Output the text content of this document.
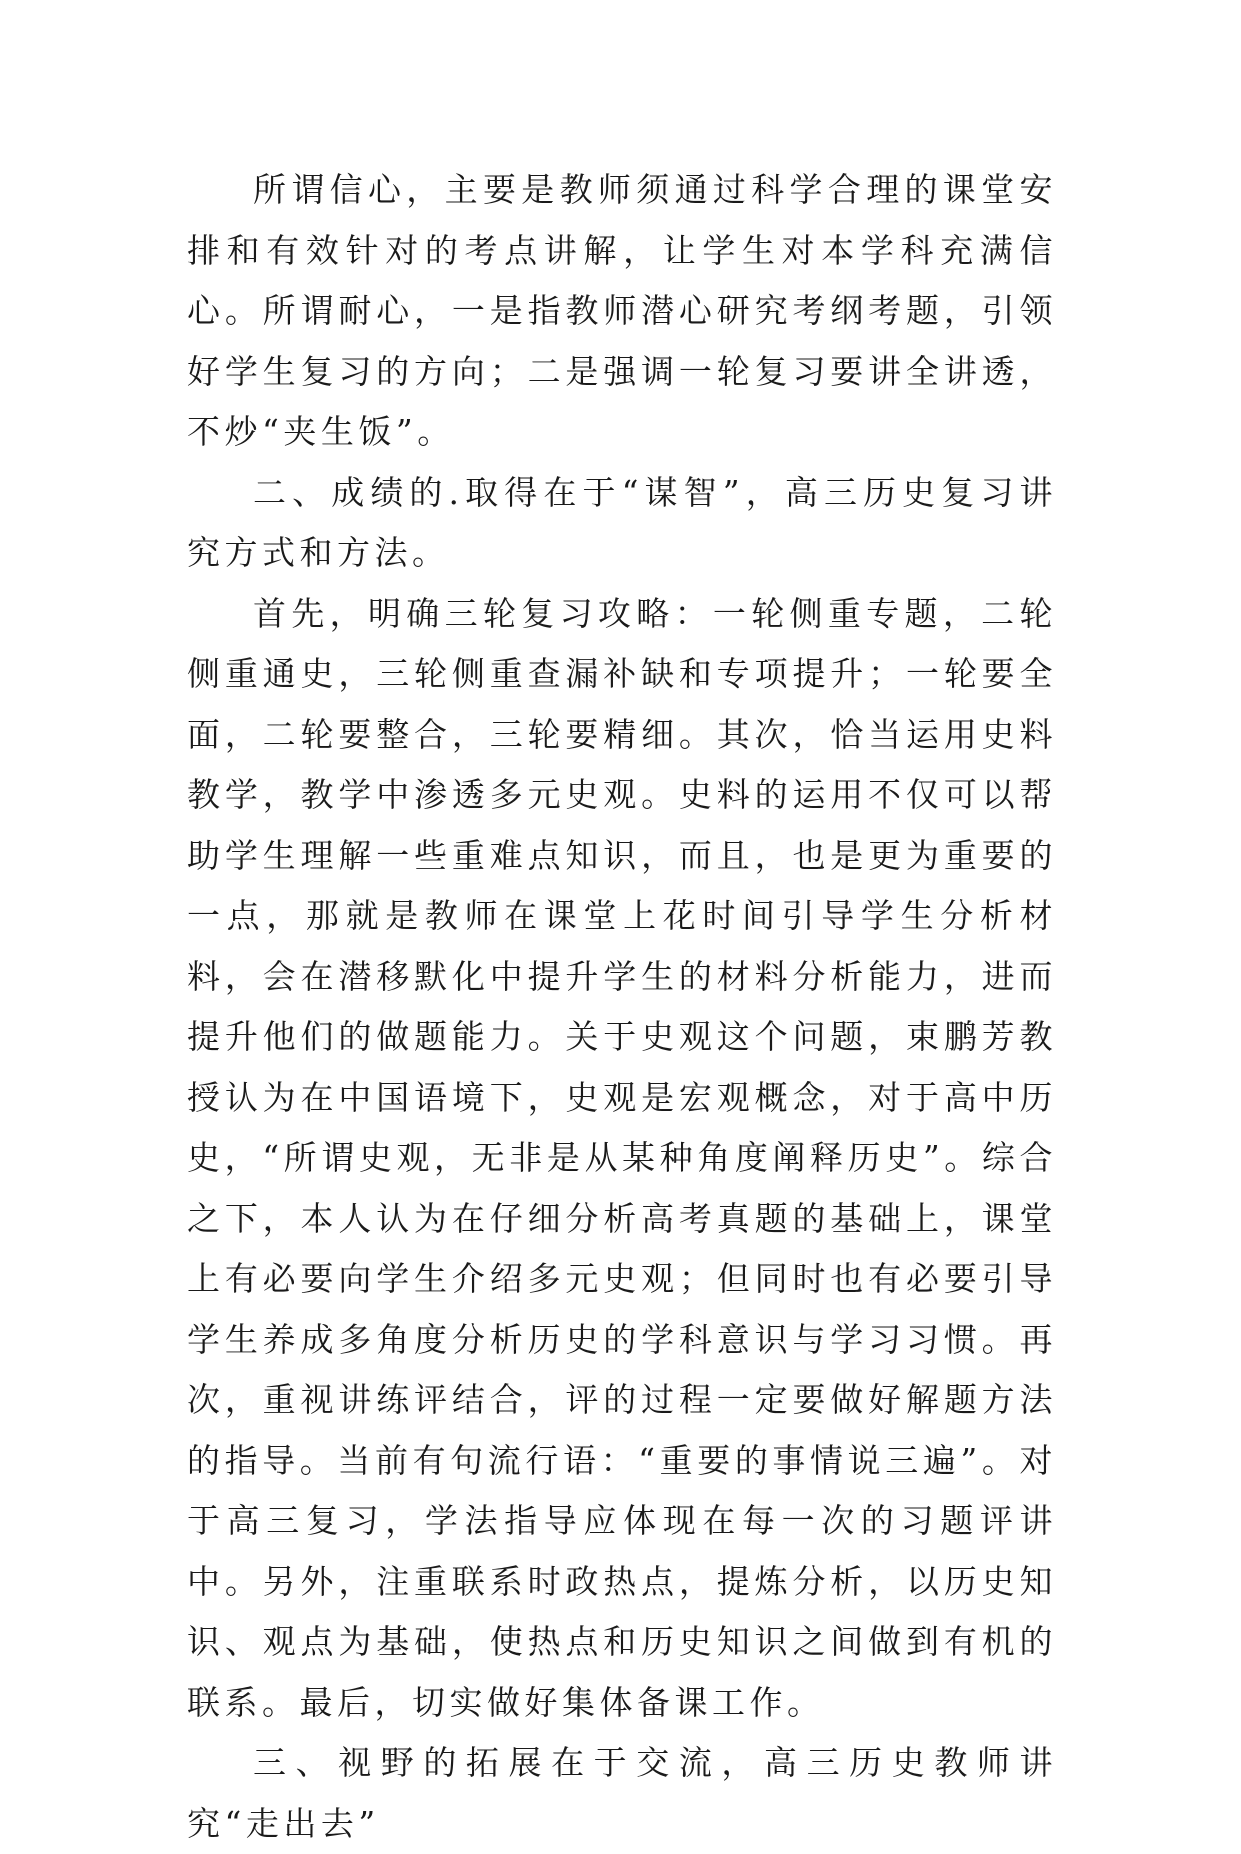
所谓信心，主要是教师须通过科学合理的课堂安排和有效针对的考点讲解，让学生对本学科充满信心。所谓耐心，一是指教师潜心研究考纲考题，引领好学生复习的方向；二是强调一轮复习要讲全讲透，不炒“夹生饭”。

二、成绩的.取得在于“谋智”，高三历史复习讲究方式和方法。

首先，明确三轮复习攻略：一轮侧重专题，二轮侧重通史，三轮侧重查漏补缺和专项提升；一轮要全面，二轮要整合，三轮要精细。其次，恰当运用史料教学，教学中渗透多元史观。史料的运用不仅可以帮助学生理解一些重难点知识，而且，也是更为重要的一点，那就是教师在课堂上花时间引导学生分析材料，会在潜移默化中提升学生的材料分析能力，进而提升他们的做题能力。关于史观这个问题，束鹏芳教授认为在中国语境下，史观是宏观概念，对于高中历史，“所谓史观，无非是从某种角度阐释历史”。综合之下，本人认为在仔细分析高考真题的基础上，课堂上有必要向学生介绍多元史观；但同时也有必要引导学生养成多角度分析历史的学科意识与学习习惯。再次，重视讲练评结合，评的过程一定要做好解题方法的指导。当前有句流行语：“重要的事情说三遍”。对于高三复习，学法指导应体现在每一次的习题评讲中。另外，注重联系时政热点，提炼分析，以历史知识、观点为基础，使热点和历史知识之间做到有机的联系。最后，切实做好集体备课工作。

三、视野的拓展在于交流，高三历史教师讲究“走出去”
